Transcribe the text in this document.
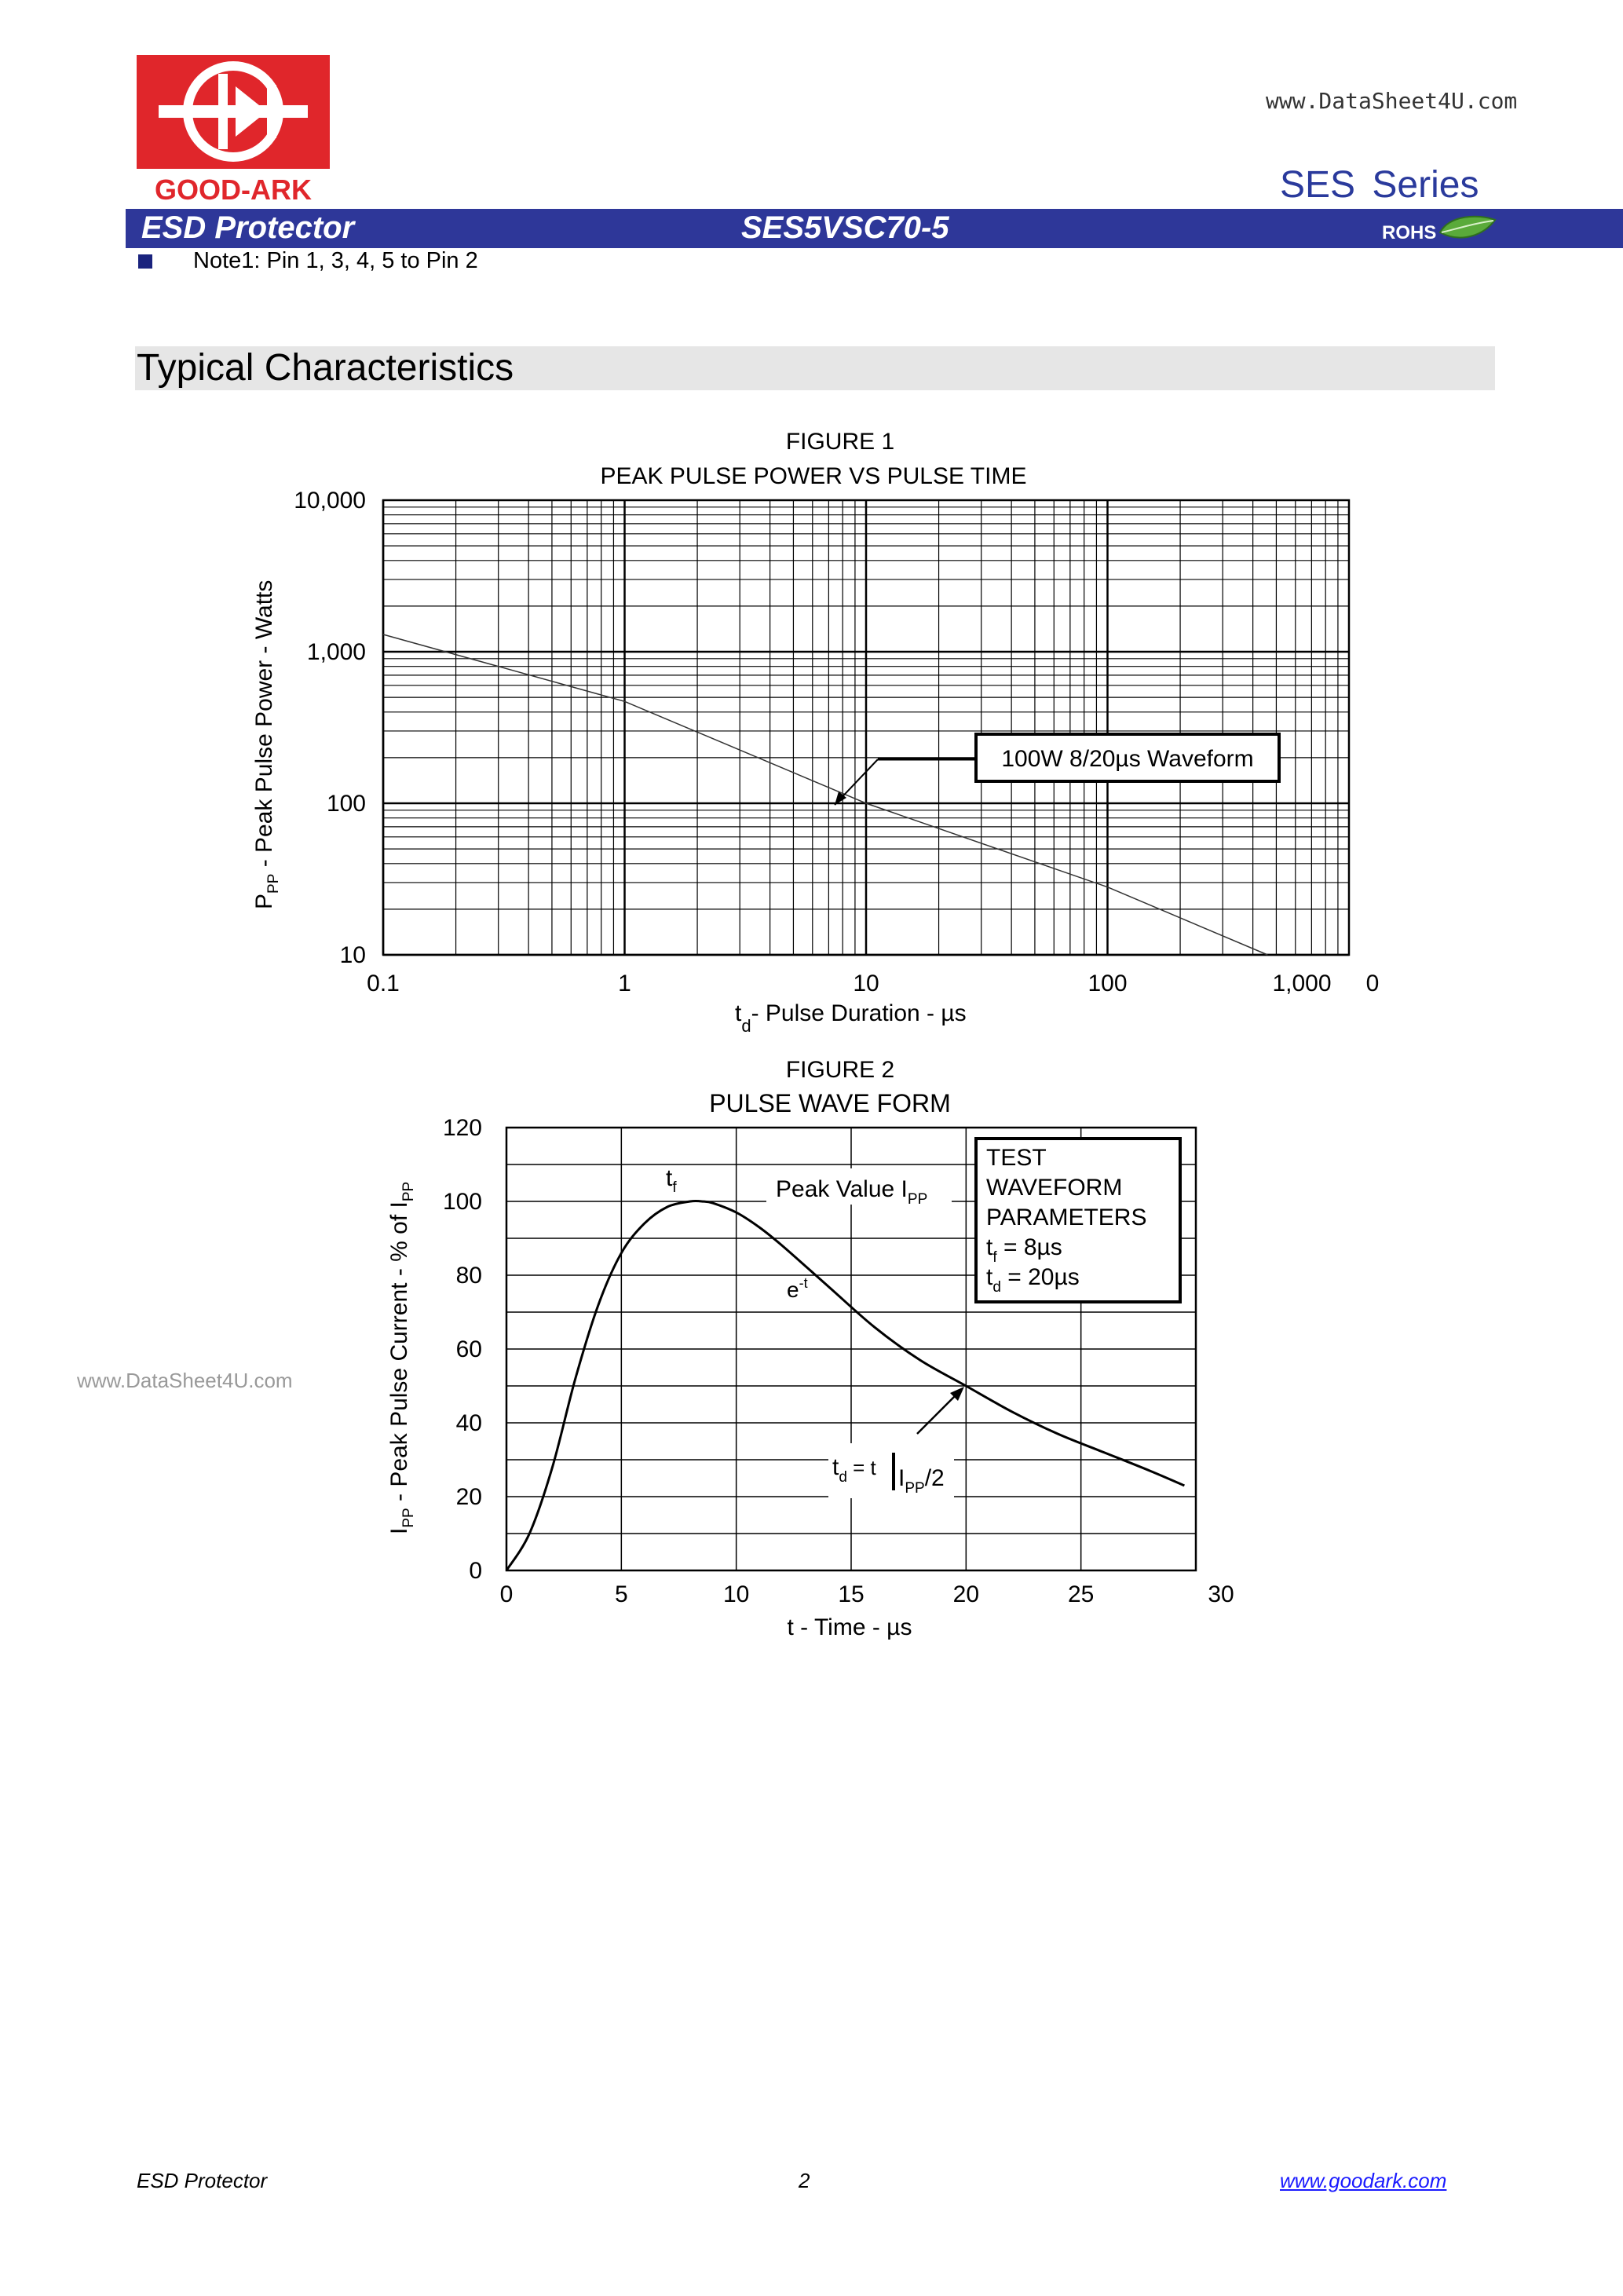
GOOD-ARK
www.DataSheet4U.com
SES Series
ESD Protector	SES5VSC70-5	ROHS
Note1: Pin 1, 3, 4, 5 to Pin 2
Typical Characteristics
FIGURE 1
PEAK PULSE POWER VS PULSE TIME
10,000
1,000
100
10
0.1	1	10	100	1,000 0
100W 8/20µs Waveform
$P_{PP}$ - Peak Pulse Power - Watts
$t_d-$ Pulse Duration - µs
FIGURE 2
PULSE WAVE FORM
120
100
80
60
40
20
0
0	5	10	15	20	25	30
$t_f$	Peak Value $I_{PP}$
$e^{-t}$
$t_d = t$ $I_{PP}/2$
TEST
WAVEFORM
PARAMETERS
$t_f = 8\mu s$
$t_d = 20\mu s$
$I_{PP}$ - Peak Pulse Current - % of $I_{PP}$
t - Time - µs
www.DataSheet4U.com
ESD Protector	2	www.goodark.com
